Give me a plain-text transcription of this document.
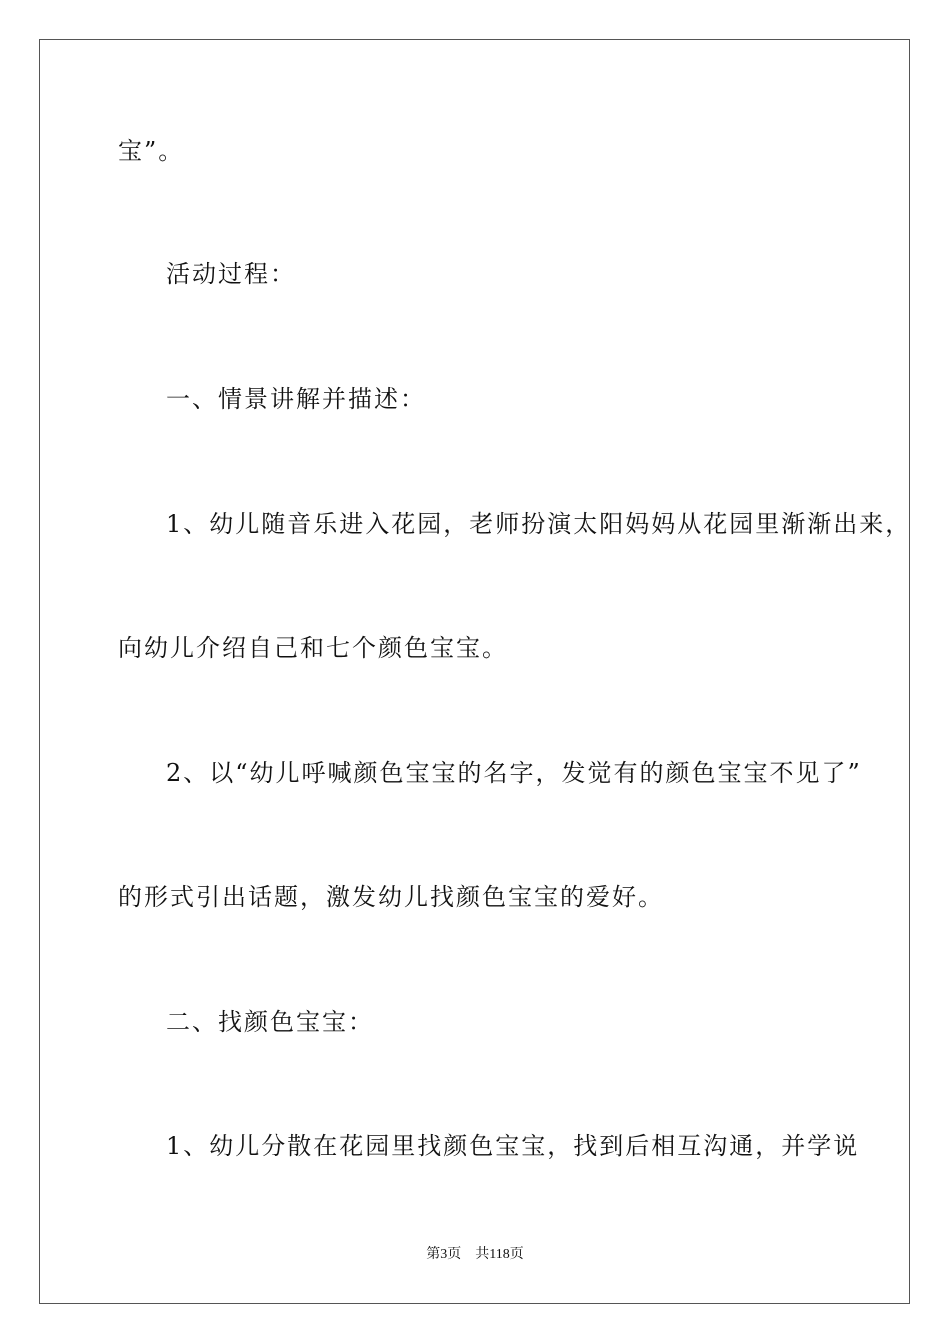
宝”。
活动过程：
一、情景讲解并描述：
1、幼儿随音乐进入花园，老师扮演太阳妈妈从花园里渐渐出来，
向幼儿介绍自己和七个颜色宝宝。
2、以“幼儿呼喊颜色宝宝的名字，发觉有的颜色宝宝不见了”
的形式引出话题，激发幼儿找颜色宝宝的爱好。
二、找颜色宝宝：
1、幼儿分散在花园里找颜色宝宝，找到后相互沟通，并学说
第3页 共118页
